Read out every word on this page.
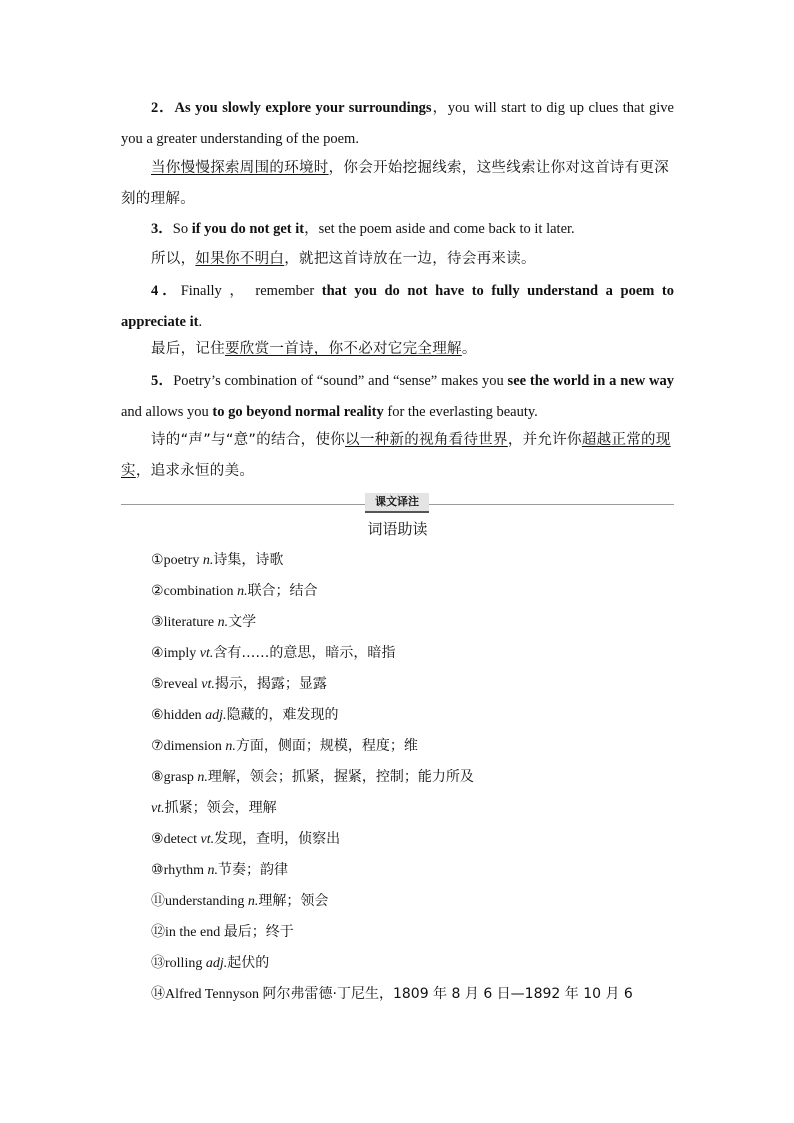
2．As you slowly explore your surroundings，you will start to dig up clues that give you a greater understanding of the poem.

当你慢慢探索周围的环境时，你会开始挖掘线索，这些线索让你对这首诗有更深刻的理解。

3．So if you do not get it，set the poem aside and come back to it later.

所以，如果你不明白，就把这首诗放在一边，待会再来读。

4．Finally ， remember that you do not have to fully understand a poem to appreciate it.

最后，记住要欣赏一首诗，你不必对它完全理解。

5．Poetry’s combination of “sound” and “sense” makes you see the world in a new way and allows you to go beyond normal reality for the everlasting beauty.

诗的“声”与“意”的结合，使你以一种新的视角看待世界，并允许你超越正常的现实，追求永恒的美。

课文译注
词语助读
①poetry n.诗集，诗歌
②combination n.联合；结合
③literature n.文学
④imply vt.含有……的意思，暗示，暗指
⑤reveal vt.揭示，揭露；显露
⑥hidden adj.隐藏的，难发现的
⑦dimension n.方面，侧面；规模，程度；维
⑧grasp n.理解，领会；抓紧，握紧，控制；能力所及
vt.抓紧；领会，理解
⑨detect vt.发现，查明，侦察出
⑩rhythm n.节奏；韵律
⑪understanding n.理解；领会
⑫in the end 最后；终于
⑬rolling adj.起伏的
⑭Alfred Tennyson 阿尔弗雷德·丁尼生，1809 年 8 月 6 日—1892 年 10 月 6
